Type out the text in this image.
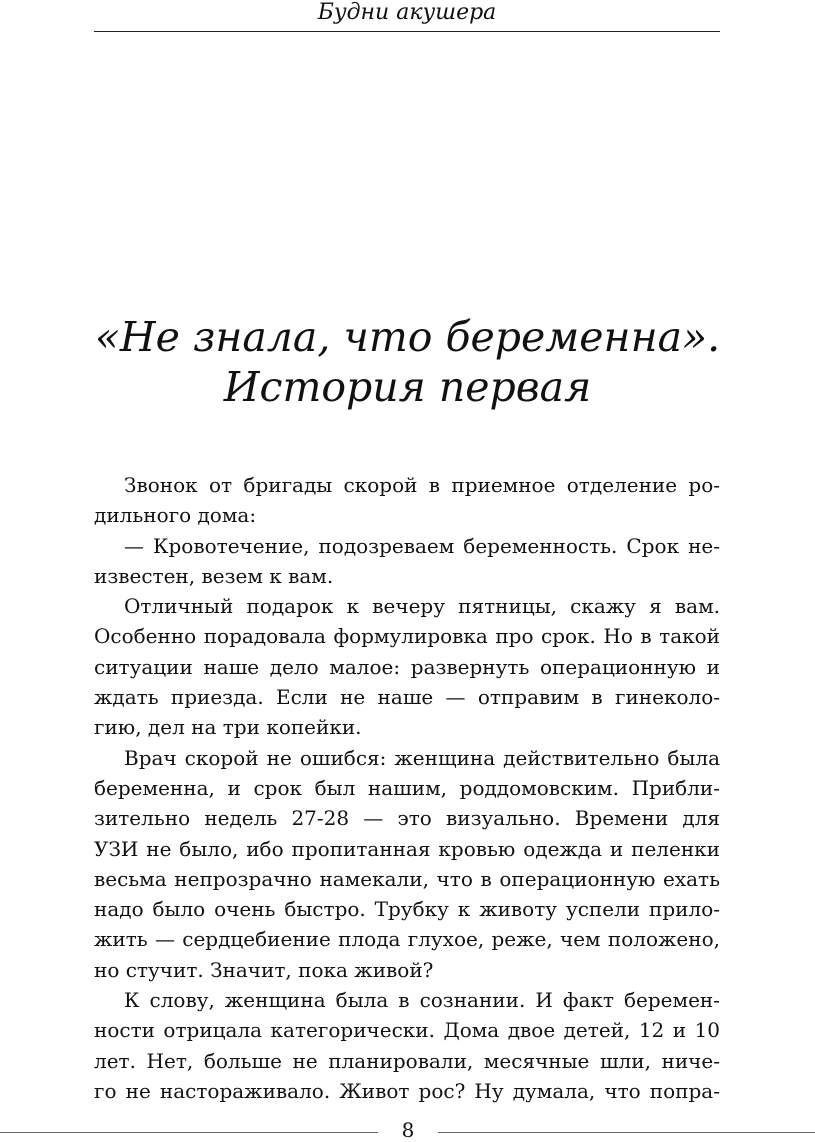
Будни акушера
«Не знала, что беременна».
История первая
Звонок от бригады скорой в приемное отделение ро-
дильного дома:
— Кровотечение, подозреваем беременность. Срок не-
известен, везем к вам.
Отличный подарок к вечеру пятницы, скажу я вам.
Особенно порадовала формулировка про срок. Но в такой
ситуации наше дело малое: развернуть операционную и
ждать приезда. Если не наше — отправим в гинеколо-
гию, дел на три копейки.
Врач скорой не ошибся: женщина действительно была
беременна, и срок был нашим, роддомовским. Прибли-
зительно недель 27-28 — это визуально. Времени для
УЗИ не было, ибо пропитанная кровью одежда и пеленки
весьма непрозрачно намекали, что в операционную ехать
надо было очень быстро. Трубку к животу успели прило-
жить — сердцебиение плода глухое, реже, чем положено,
но стучит. Значит, пока живой?
К слову, женщина была в сознании. И факт беремен-
ности отрицала категорически. Дома двое детей, 12 и 10
лет. Нет, больше не планировали, месячные шли, ниче-
го не настораживало. Живот рос? Ну думала, что попра-
8
